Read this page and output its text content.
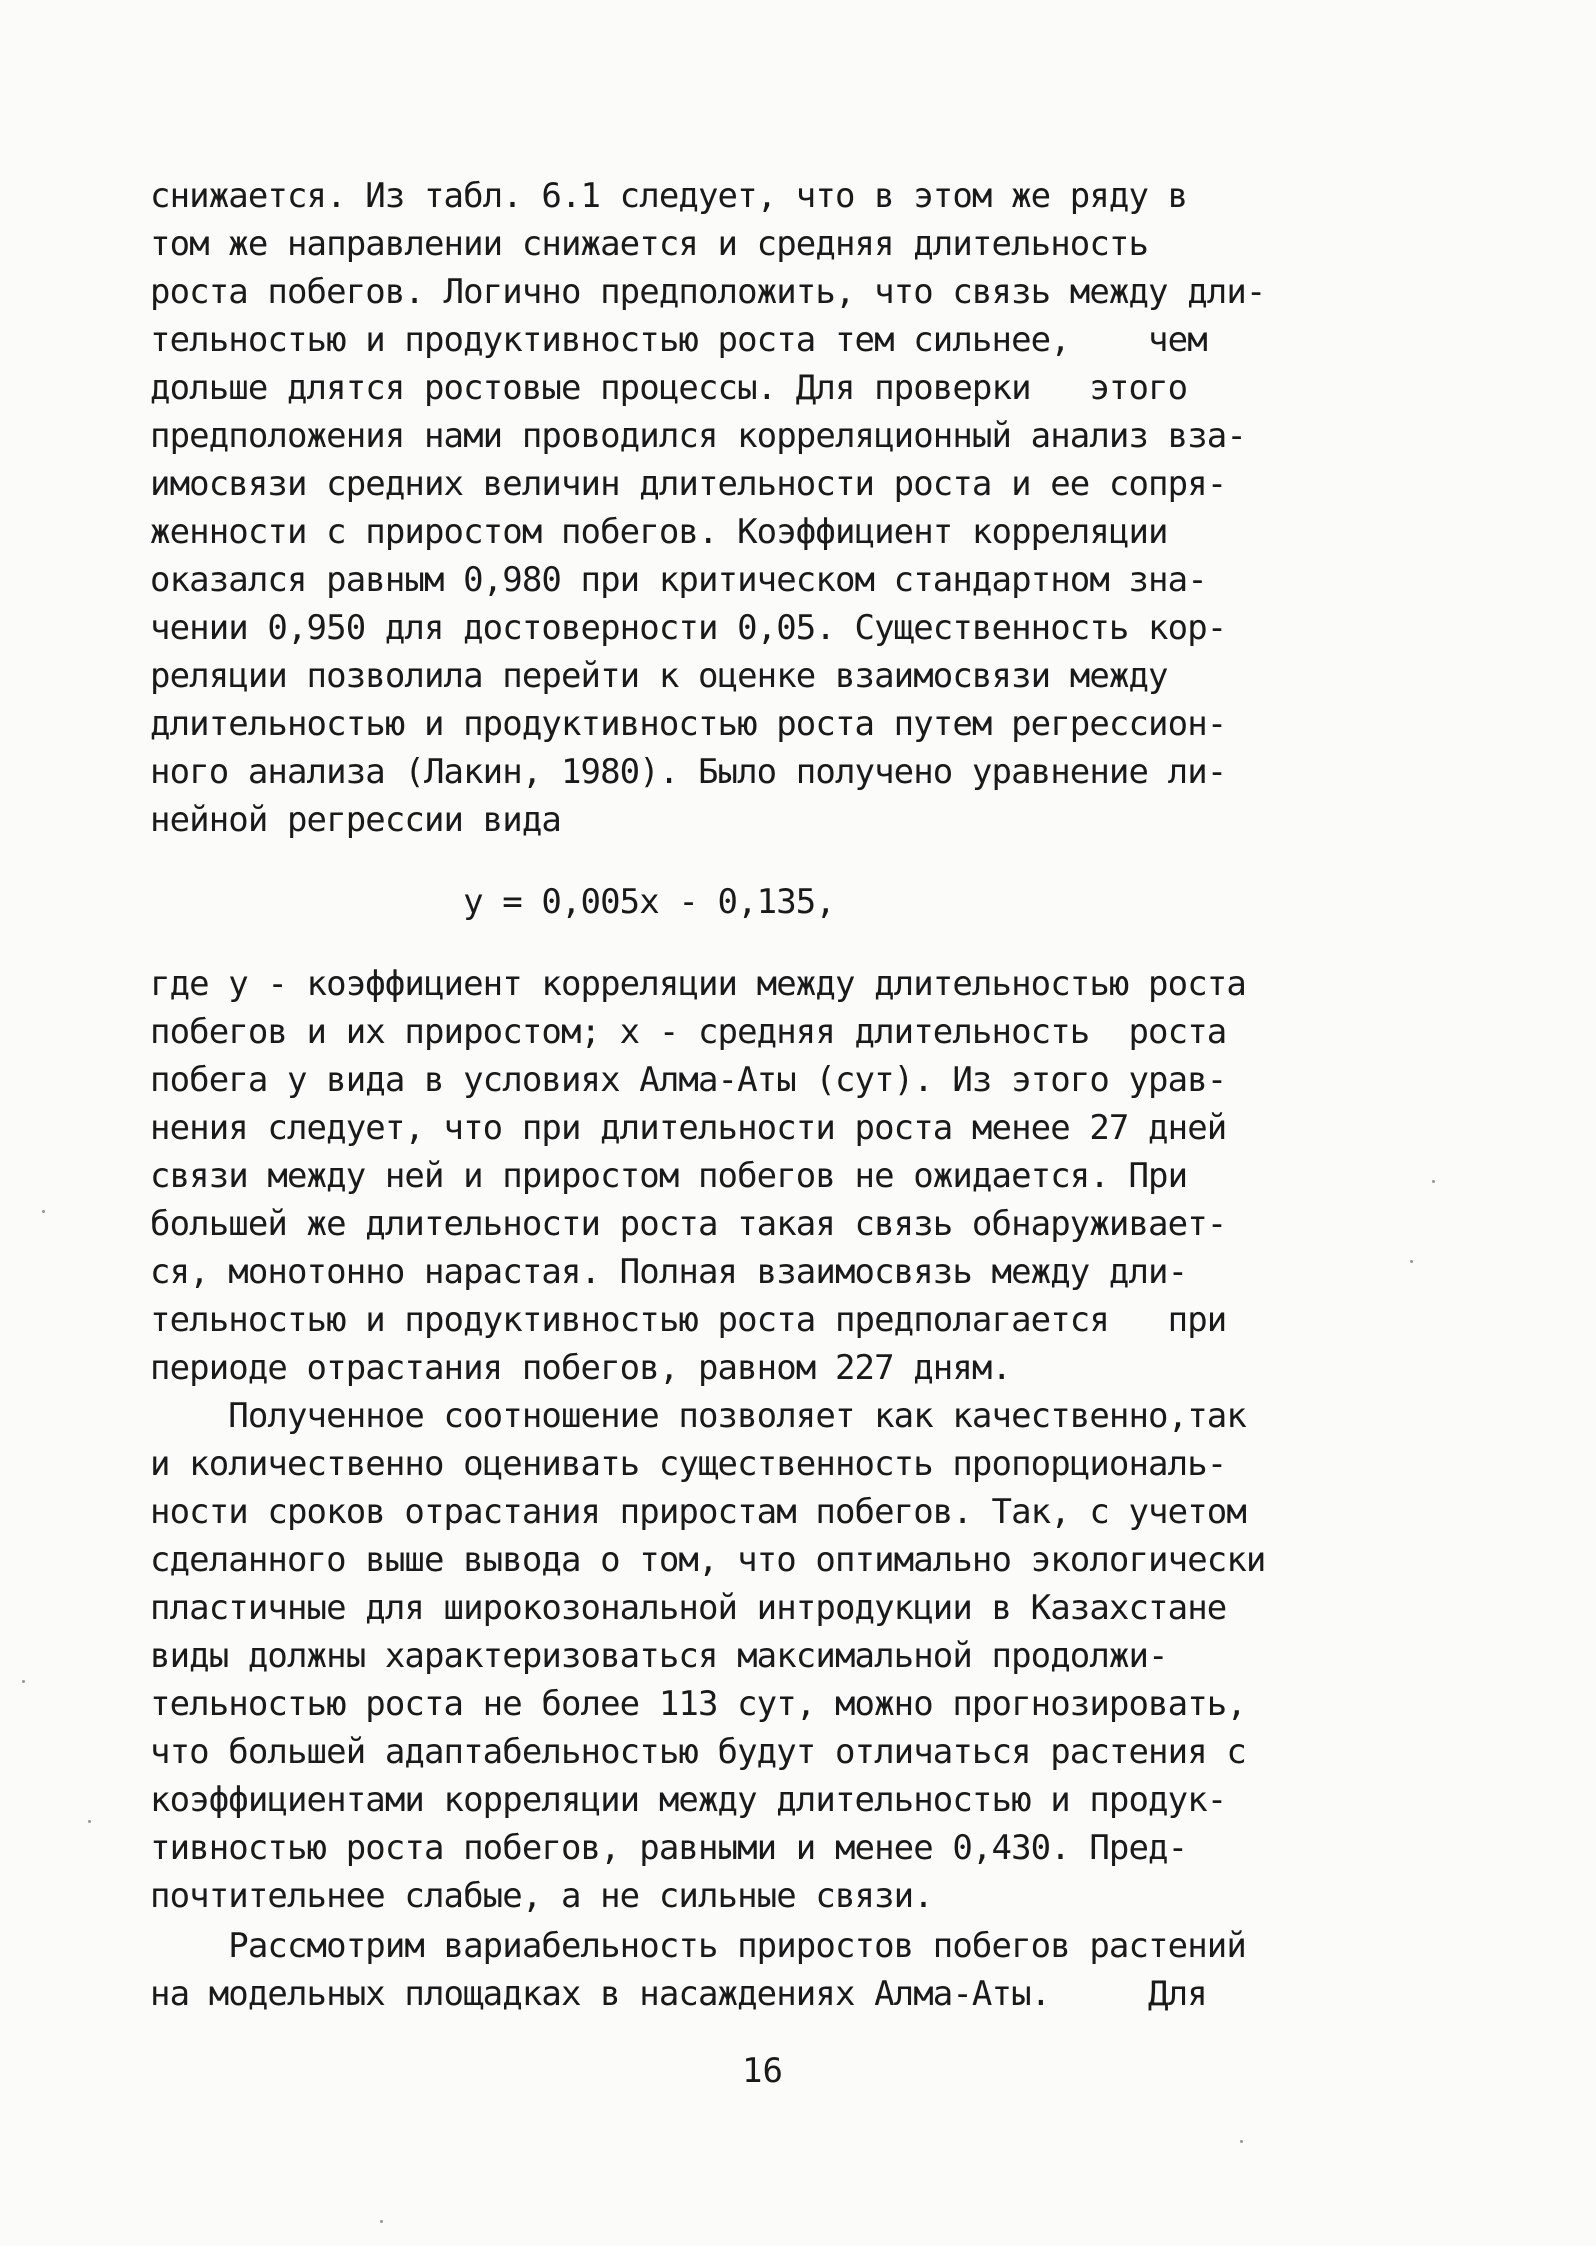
снижается. Из табл. 6.1 следует, что в этом же ряду в
том же направлении снижается и средняя длительность
роста побегов. Логично предположить, что связь между дли-
тельностью и продуктивностью роста тем сильнее,    чем
дольше длятся ростовые процессы. Для проверки   этого
предположения нами проводился корреляционный анализ вза-
имосвязи средних величин длительности роста и ее сопря-
женности с приростом побегов. Коэффициент корреляции
оказался равным 0,980 при критическом стандартном зна-
чении 0,950 для достоверности 0,05. Существенность кор-
реляции позволила перейти к оценке взаимосвязи между
длительностью и продуктивностью роста путем регрессион-
ного анализа (Лакин, 1980). Было получено уравнение ли-
нейной регрессии вида
y = 0,005x - 0,135,
где у - коэффициент корреляции между длительностью роста
побегов и их приростом; х - средняя длительность  роста
побега у вида в условиях Алма-Аты (сут). Из этого урав-
нения следует, что при длительности роста менее 27 дней
связи между ней и приростом побегов не ожидается. При
большей же длительности роста такая связь обнаруживает-
ся, монотонно нарастая. Полная взаимосвязь между дли-
тельностью и продуктивностью роста предполагается   при
периоде отрастания побегов, равном 227 дням.
Полученное соотношение позволяет как качественно,так
и количественно оценивать существенность пропорциональ-
ности сроков отрастания приростам побегов. Так, с учетом
сделанного выше вывода о том, что оптимально экологически
пластичные для широкозональной интродукции в Казахстане
виды должны характеризоваться максимальной продолжи-
тельностью роста не более 113 сут, можно прогнозировать,
что большей адаптабельностью будут отличаться растения с
коэффициентами корреляции между длительностью и продук-
тивностью роста побегов, равными и менее 0,430. Пред-
почтительнее слабые, а не сильные связи.
Рассмотрим вариабельность приростов побегов растений
на модельных площадках в насаждениях Алма-Аты.     Для
16
